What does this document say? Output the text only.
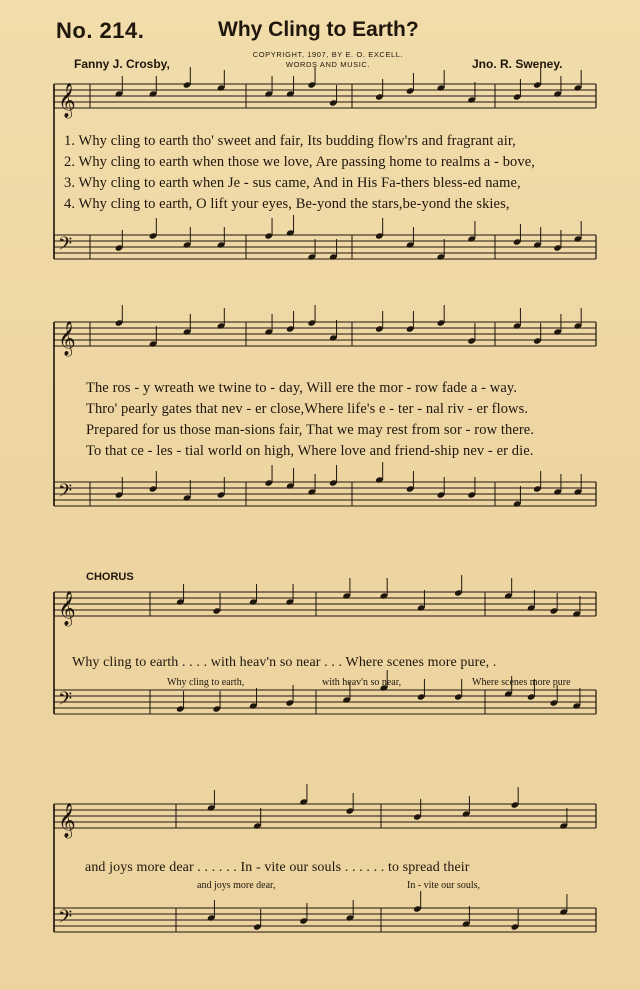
No. 214.	Why Cling to Earth?
COPYRIGHT, 1907, BY E. O. EXCELL.
WORDS AND MUSIC.
Fanny J. Crosby,	Jno. R. Sweney.
𝄞
𝄢
𝄞
𝄢
𝄞
𝄢
𝄞
𝄢
1. Why cling to earth tho' sweet and fair, Its budding flow'rs and fragrant air,
2. Why cling to earth when those we love, Are passing home to realms a - bove,
3. Why cling to earth when Je - sus came, And in His Fa-thers bless-ed name,
4. Why cling to earth, O lift your eyes, Be-yond the stars,be-yond the skies,
The ros - y wreath we twine to - day, Will ere the mor - row fade a - way.
Thro' pearly gates that nev - er close,Where life's e - ter - nal riv - er flows.
Prepared for us those man-sions fair, That we may rest from sor - row there.
To that ce - les - tial world on high, Where love and friend-ship nev - er die.
CHORUS
Why cling to earth . . . . with heav'n so near . . . Where scenes more pure, .
Why cling to earth,	with heav'n so near,	Where scenes more pure
and joys more dear . . . . . . In - vite our souls . . . . . . to spread their
and joys more dear,	In - vite our souls,
